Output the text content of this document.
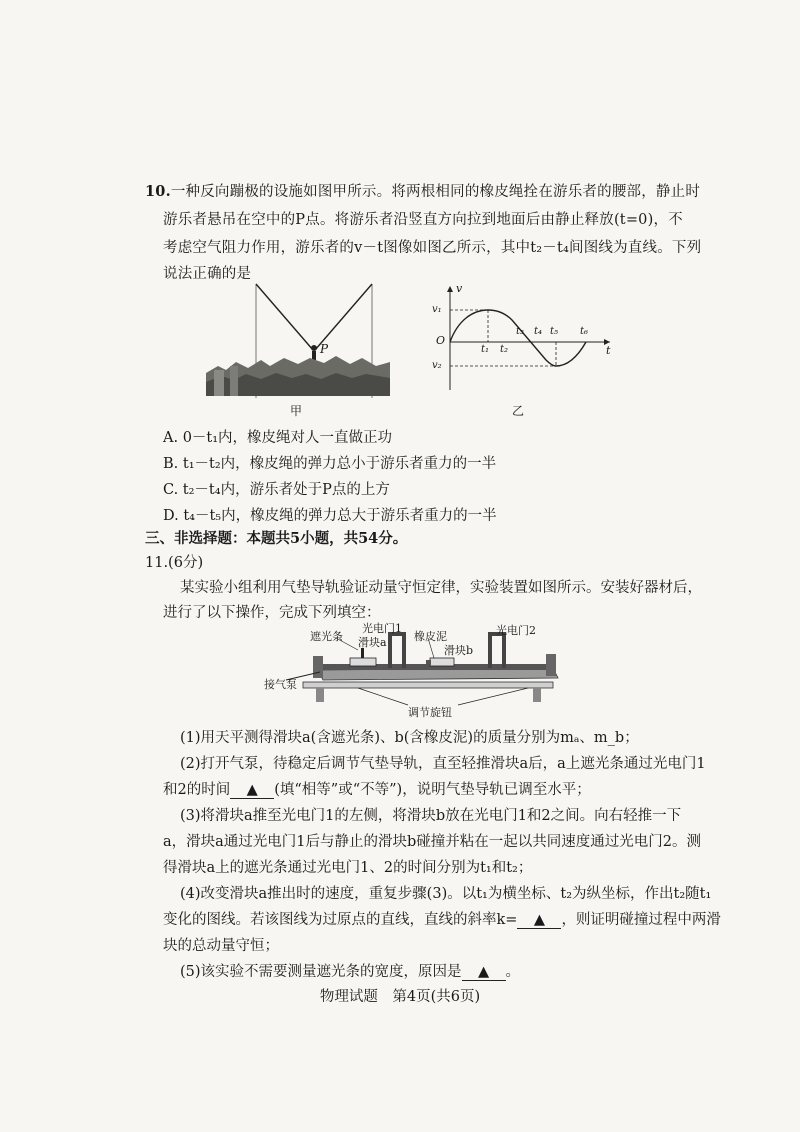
10.一种反向蹦极的设施如图甲所示。将两根相同的橡皮绳拴在游乐者的腰部，静止时
游乐者悬吊在空中的P点。将游乐者沿竖直方向拉到地面后由静止释放(t=0)，不
考虑空气阻力作用，游乐者的v－t图像如图乙所示，其中t₂－t₄间图线为直线。下列
说法正确的是
P
甲
v
t
O
v₁
v₂
t₁ t₂
t₃ t₄ t₅ t₆
乙
A. 0－t₁内，橡皮绳对人一直做正功
B. t₁－t₂内，橡皮绳的弹力总小于游乐者重力的一半
C. t₂－t₄内，游乐者处于P点的上方
D. t₄－t₅内，橡皮绳的弹力总大于游乐者重力的一半
三、非选择题：本题共5小题，共54分。
11.(6分)
某实验小组利用气垫导轨验证动量守恒定律，实验装置如图所示。安装好器材后，
进行了以下操作，完成下列填空：
光电门1	光电门2
遮光条 滑块a 橡皮泥
滑块b
接气泵
调节旋钮
(1)用天平测得滑块a(含遮光条)、b(含橡皮泥)的质量分别为mₐ、m_b；
(2)打开气泵，待稳定后调节气垫导轨，直至轻推滑块a后，a上遮光条通过光电门1
和2的时间 ▲ (填“相等”或“不等”)，说明气垫导轨已调至水平；
(3)将滑块a推至光电门1的左侧，将滑块b放在光电门1和2之间。向右轻推一下
a，滑块a通过光电门1后与静止的滑块b碰撞并粘在一起以共同速度通过光电门2。测
得滑块a上的遮光条通过光电门1、2的时间分别为t₁和t₂；
(4)改变滑块a推出时的速度，重复步骤(3)。以t₁为横坐标、t₂为纵坐标，作出t₂随t₁
变化的图线。若该图线为过原点的直线，直线的斜率k= ▲ ，则证明碰撞过程中两滑
块的总动量守恒；
(5)该实验不需要测量遮光条的宽度，原因是 ▲ 。
物理试题　第4页(共6页)
